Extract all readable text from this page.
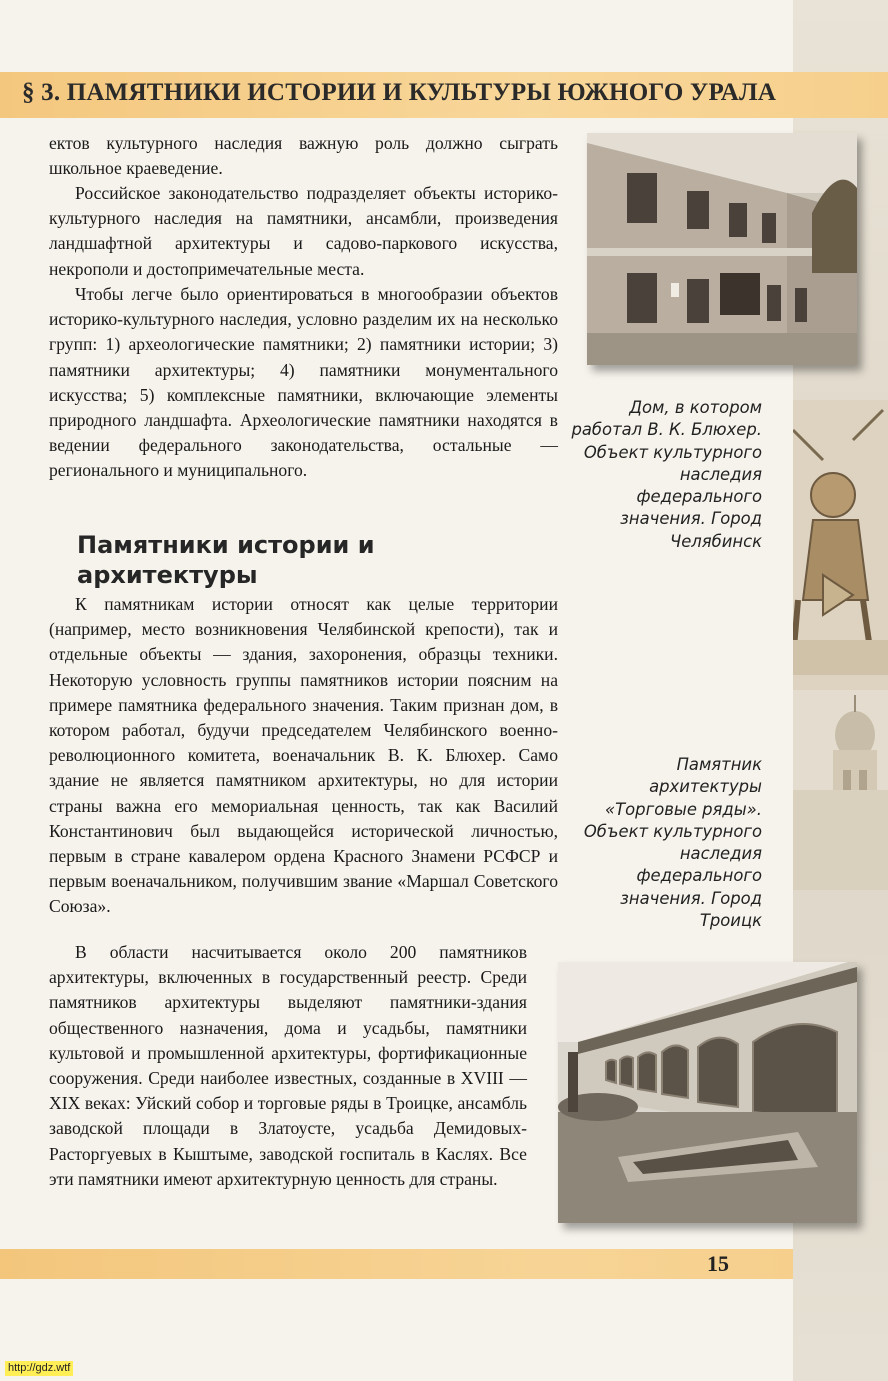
§ 3. ПАМЯТНИКИ ИСТОРИИ И КУЛЬТУРЫ ЮЖНОГО УРАЛА

ектов культурного наследия важную роль должно сыграть школьное краеведение.

Российское законодательство подразделяет объекты историко-культурного наследия на памятники, ансамбли, произведения ландшафтной архитектуры и садово-паркового искусства, некрополи и достопримечательные места.

Чтобы легче было ориентироваться в многообразии объектов историко-культурного наследия, условно разделим их на несколько групп: 1) археологические памятники; 2) памятники истории; 3) памятники архитектуры; 4) памятники монументального искусства; 5) комплексные памятники, включающие элементы природного ландшафта. Археологические памятники находятся в ведении федерального законодательства, остальные — регионального и муниципального.

Памятники истории и архитектуры

К памятникам истории относят как целые территории (например, место возникновения Челябинской крепости), так и отдельные объекты — здания, захоронения, образцы техники. Некоторую условность группы памятников истории поясним на примере памятника федерального значения. Таким признан дом, в котором работал, будучи председателем Челябинского военно-революционного комитета, военачальник В. К. Блюхер. Само здание не является памятником архитектуры, но для истории страны важна его мемориальная ценность, так как Василий Константинович был выдающейся исторической личностью, первым в стране кавалером ордена Красного Знамени РСФСР и первым военачальником, получившим звание «Маршал Советского Союза».

В области насчитывается около 200 памятников архитектуры, включенных в государственный реестр. Среди памятников архитектуры выделяют памятники-здания общественного назначения, дома и усадьбы, памятники культовой и промышленной архитектуры, фортификационные сооружения. Среди наиболее известных, созданные в XVIII — XIX веках: Уйский собор и торговые ряды в Троицке, ансамбль заводской площади в Златоусте, усадьба Демидовых-Расторгуевых в Кыштыме, заводской госпиталь в Каслях. Все эти памятники имеют архитектурную ценность для страны.

Дом, в котором работал В. К. Блюхер. Объект культурного наследия федерального значения. Город Челябинск

Памятник архитектуры «Торговые ряды». Объект культурного наследия федерального значения. Город Троицк

15
http://gdz.wtf
